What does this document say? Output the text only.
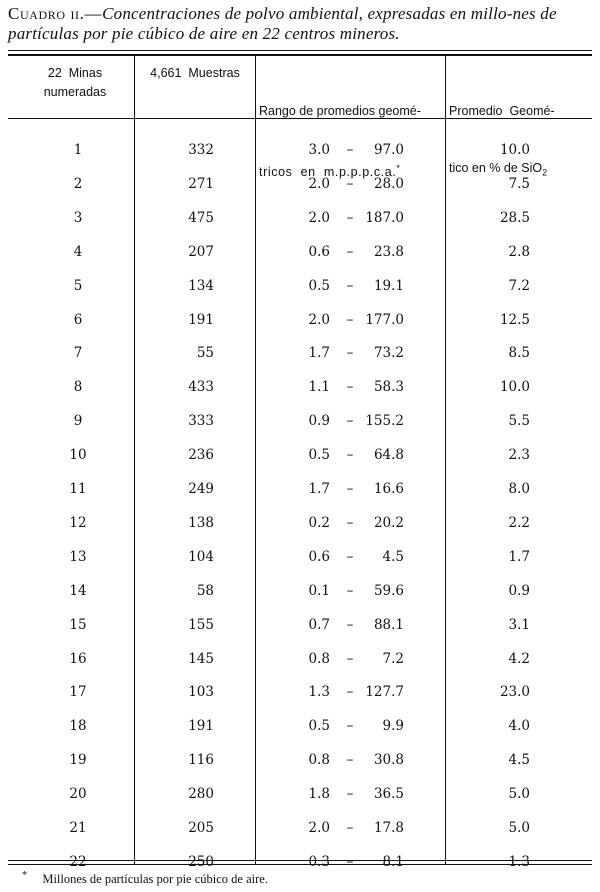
Cuadro ii.—Concentraciones de polvo ambiental, expresadas en millo-nes de partículas por pie cúbico de aire en 22 centros mineros.
22  Minas
numeradas
4,661  Muestras

Rango de promedios geomé-

tricos  en  m.p.p.p.c.a.*

Promedio  Geomé-

tico en % de SiO$_2$

1	332	3.0	–	97.0	10.0
2	271	2.0	–	28.0	7.5
3	475	2.0	– 187.0	28.5
4	207	0.6	–	23.8	2.8
5	134	0.5	–	19.1	7.2
6	191	2.0	– 177.0	12.5
7	55	1.7	–	73.2	8.5
8	433	1.1	–	58.3	10.0
9	333	0.9	– 155.2	5.5
10	236	0.5	–	64.8	2.3
11	249	1.7	–	16.6	8.0
12	138	0.2	–	20.2	2.2
13	104	0.6	–	4.5	1.7
14	58	0.1	–	59.6	0.9
15	155	0.7	–	88.1	3.1
16	145	0.8	–	7.2	4.2
17	103	1.3	– 127.7	23.0
18	191	0.5	–	9.9	4.0
19	116	0.8	–	30.8	4.5
20	280	1.8	–	36.5	5.0
21	205	2.0	–	17.8	5.0
22	250	0.3	–	8.1	1.3
* Millones de partículas por pie cúbico de aire.
